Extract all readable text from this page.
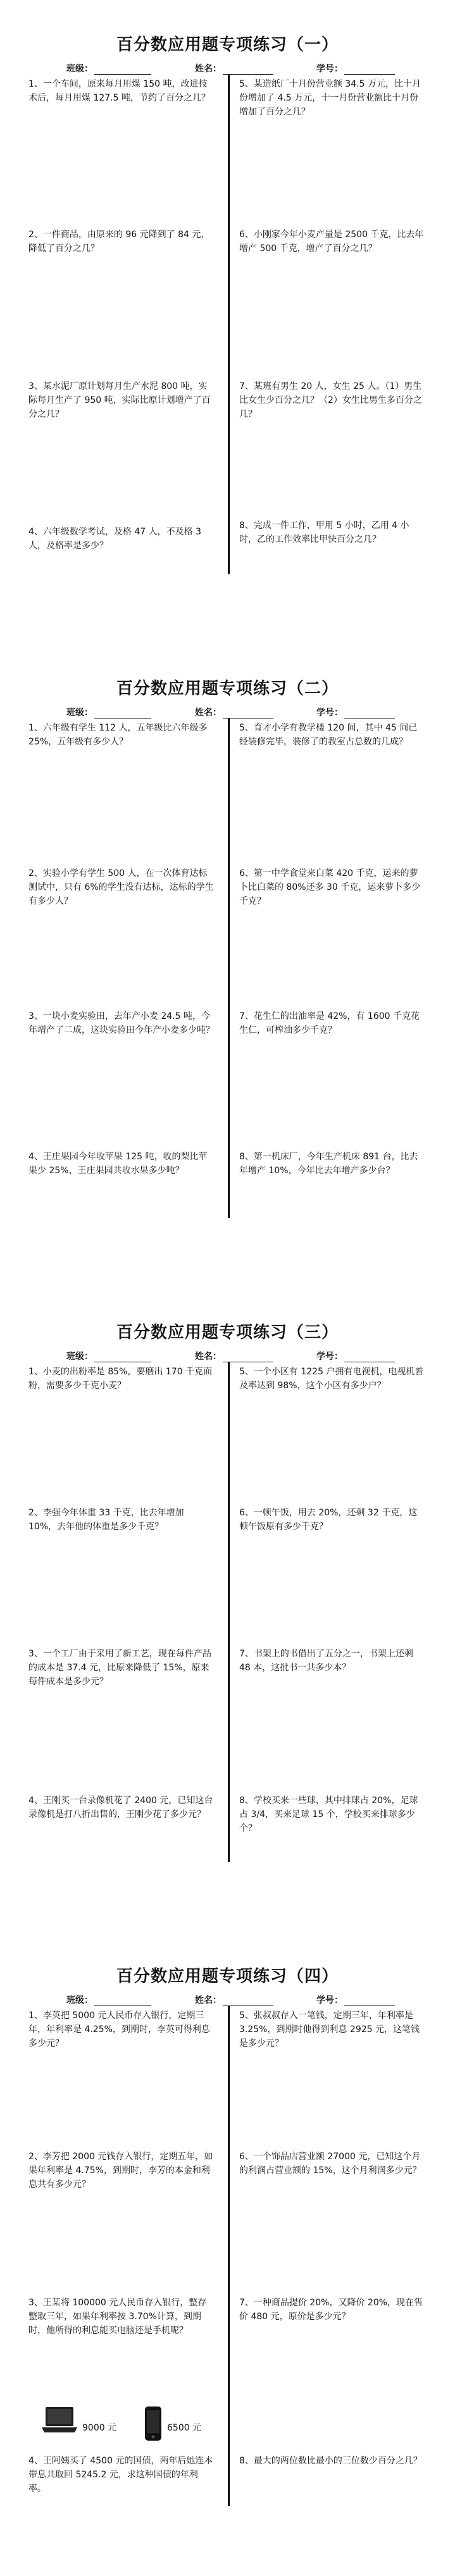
百分数应用题专项练习（一）
班级：	姓名：	学号：

1、一个车间，原来每月用煤 150 吨，改进技术后，每月用煤 127.5 吨，节约了百分之几？

2、一件商品，由原来的 96 元降到了 84 元，降低了百分之几？

3、某水泥厂原计划每月生产水泥 800 吨，实际每月生产了 950 吨，实际比原计划增产了百分之几？

4、六年级数学考试，及格 47 人，不及格 3 人，及格率是多少？

5、某造纸厂十月份营业额 34.5 万元，比十月份增加了 4.5 万元，十一月份营业额比十月份增加了百分之几？

6、小刚家今年小麦产量是 2500 千克，比去年增产 500 千克，增产了百分之几？

7、某班有男生 20 人，女生 25 人。（1）男生比女生少百分之几？（2）女生比男生多百分之几？

8、完成一件工作，甲用 5 小时，乙用 4 小时，乙的工作效率比甲快百分之几？

百分数应用题专项练习（二）
班级：	姓名：	学号：

1、六年级有学生 112 人，五年级比六年级多 25%，五年级有多少人？

2、实验小学有学生 500 人，在一次体育达标测试中，只有 6%的学生没有达标，达标的学生有多少人？

3、一块小麦实验田，去年产小麦 24.5 吨，今年增产了二成，这块实验田今年产小麦多少吨？

4、王庄果园今年收苹果 125 吨，收的梨比苹果少 25%，王庄果园共收水果多少吨？

5、育才小学有教学楼 120 间，其中 45 间已经装修完毕，装修了的教室占总数的几成？

6、第一中学食堂来白菜 420 千克，运来的萝卜比白菜的 80%还多 30 千克，运来萝卜多少千克？

7、花生仁的出油率是 42%，有 1600 千克花生仁，可榨油多少千克？

8、第一机床厂，今年生产机床 891 台，比去年增产 10%，今年比去年增产多少台？

百分数应用题专项练习（三）
班级：	姓名：	学号：

1、小麦的出粉率是 85%，要磨出 170 千克面粉，需要多少千克小麦？

2、李强今年体重 33 千克，比去年增加 10%，去年他的体重是多少千克？

3、一个工厂由于采用了新工艺，现在每件产品的成本是 37.4 元，比原来降低了 15%，原来每件成本是多少元？

4、王刚买一台录像机花了 2400 元，已知这台录像机是打八折出售的，王刚少花了多少元？

5、一个小区有 1225 户拥有电视机，电视机普及率达到 98%，这个小区有多少户？

6、一顿午饭，用去 20%，还剩 32 千克，这顿午饭原有多少千克？

7、书架上的书借出了五分之一，书架上还剩 48 本，这批书一共多少本？

8、学校买来一些球，其中排球占 20%，足球占 3/4，买来足球 15 个，学校买来排球多少个？

百分数应用题专项练习（四）
班级：	姓名：	学号：

1、李英把 5000 元人民币存入银行，定期三年，年利率是 4.25%，到期时，李英可得利息多少元？

2、李芳把 2000 元钱存入银行，定期五年，如果年利率是 4.75%，到期时，李芳的本金和利息共有多少元？

3、王某将 100000 元人民币存入银行，整存整取三年，如果年利率按 3.70%计算，到期时，他所得的利息能买电脑还是手机呢？

9000 元	6500 元

4、王阿姨买了 4500 元的国债，两年后她连本带息共取回 5245.2 元，求这种国债的年利率。

5、张叔叔存入一笔钱，定期三年，年利率是 3.25%，到期时他得到利息 2925 元，这笔钱是多少元？

6、一个饰品店营业额 27000 元，已知这个月的利润占营业额的 15%，这个月利润多少元？

7、一种商品提价 20%，又降价 20%，现在售价 480 元，原价是多少元？

8、最大的两位数比最小的三位数少百分之几？
